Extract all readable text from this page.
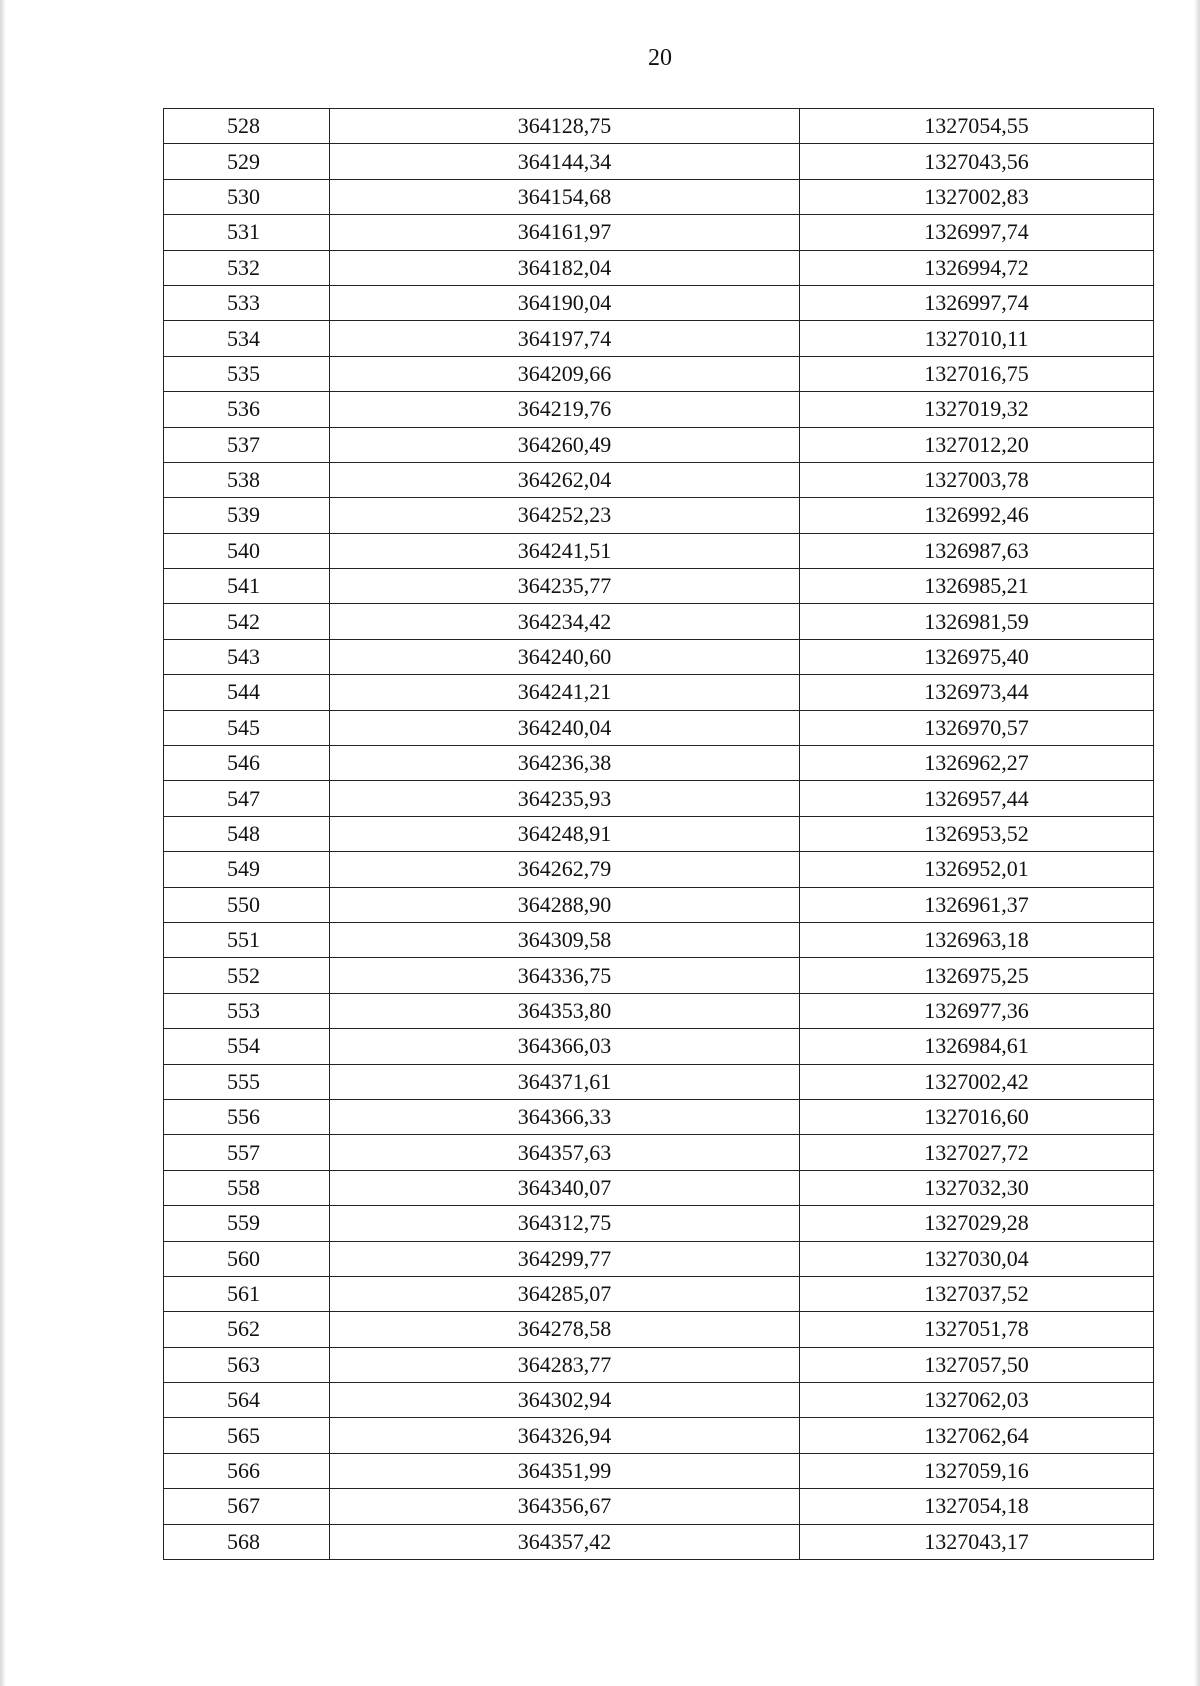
20
528	364128,75	1327054,55
529	364144,34	1327043,56
530	364154,68	1327002,83
531	364161,97	1326997,74
532	364182,04	1326994,72
533	364190,04	1326997,74
534	364197,74	1327010,11
535	364209,66	1327016,75
536	364219,76	1327019,32
537	364260,49	1327012,20
538	364262,04	1327003,78
539	364252,23	1326992,46
540	364241,51	1326987,63
541	364235,77	1326985,21
542	364234,42	1326981,59
543	364240,60	1326975,40
544	364241,21	1326973,44
545	364240,04	1326970,57
546	364236,38	1326962,27
547	364235,93	1326957,44
548	364248,91	1326953,52
549	364262,79	1326952,01
550	364288,90	1326961,37
551	364309,58	1326963,18
552	364336,75	1326975,25
553	364353,80	1326977,36
554	364366,03	1326984,61
555	364371,61	1327002,42
556	364366,33	1327016,60
557	364357,63	1327027,72
558	364340,07	1327032,30
559	364312,75	1327029,28
560	364299,77	1327030,04
561	364285,07	1327037,52
562	364278,58	1327051,78
563	364283,77	1327057,50
564	364302,94	1327062,03
565	364326,94	1327062,64
566	364351,99	1327059,16
567	364356,67	1327054,18
568	364357,42	1327043,17
